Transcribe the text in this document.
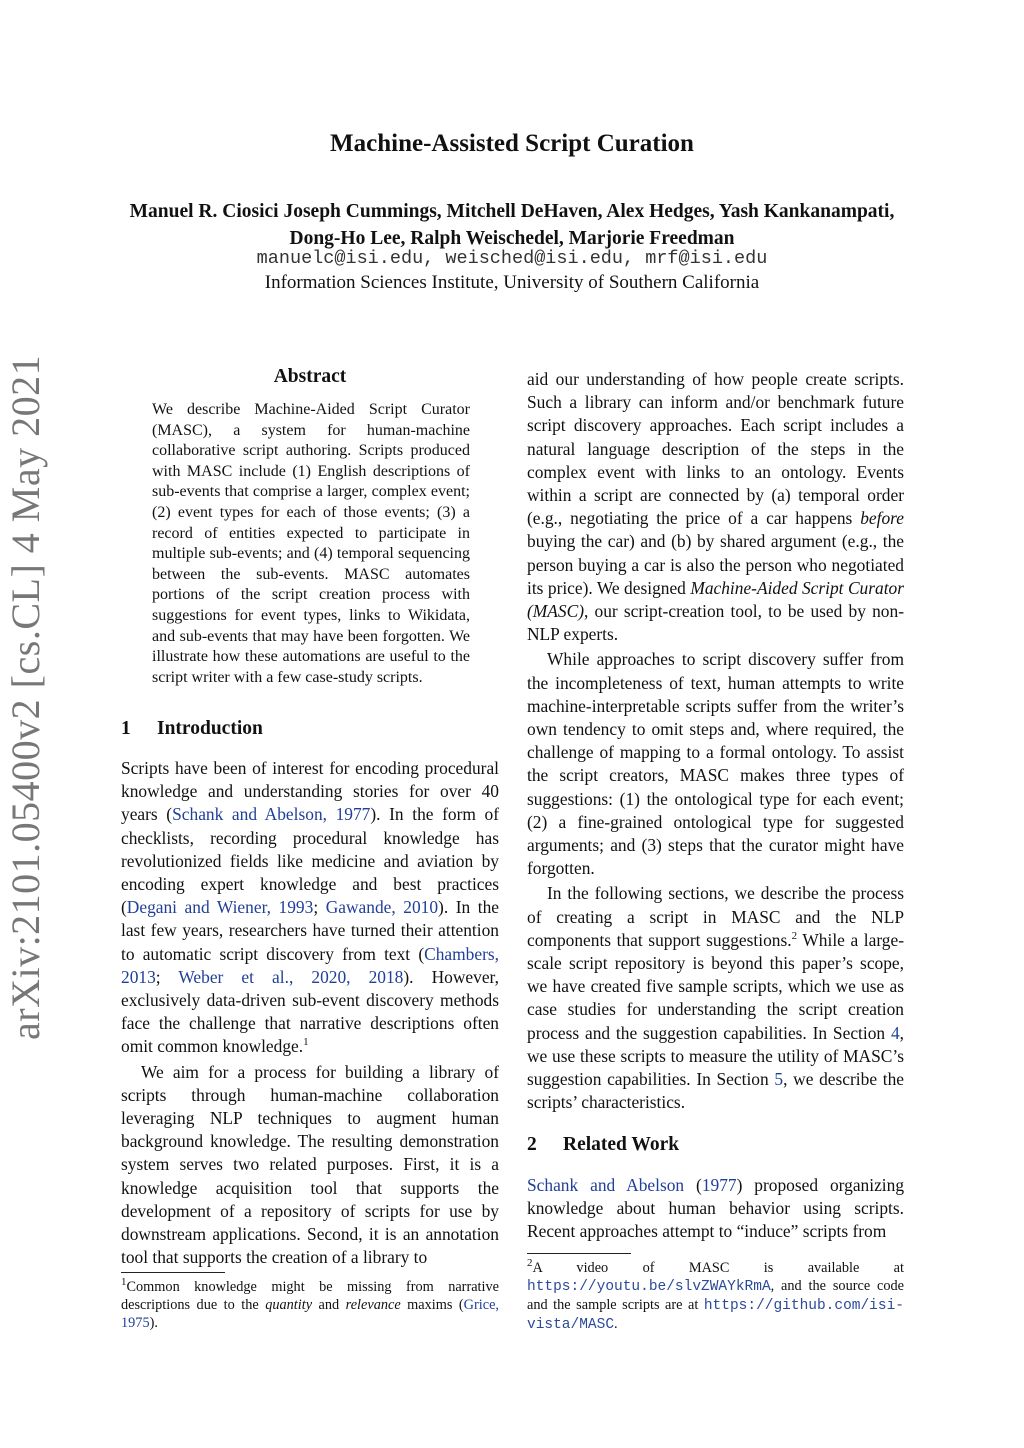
arXiv:2101.05400v2 [cs.CL] 4 May 2021
Machine-Assisted Script Curation
Manuel R. Ciosici Joseph Cummings, Mitchell DeHaven, Alex Hedges, Yash Kankanampati,
Dong-Ho Lee, Ralph Weischedel, Marjorie Freedman
manuelc@isi.edu, weisched@isi.edu, mrf@isi.edu
Information Sciences Institute, University of Southern California
Abstract

We describe Machine-Aided Script Curator (MASC), a system for human-machine collaborative script authoring. Scripts produced with MASC include (1) English descriptions of sub-events that comprise a larger, complex event; (2) event types for each of those events; (3) a record of entities expected to participate in multiple sub-events; and (4) temporal sequencing between the sub-events. MASC automates portions of the script creation process with suggestions for event types, links to Wikidata, and sub-events that may have been forgotten. We illustrate how these automations are useful to the script writer with a few case-study scripts.

1 Introduction

Scripts have been of interest for encoding procedural knowledge and understanding stories for over 40 years (Schank and Abelson, 1977). In the form of checklists, recording procedural knowledge has revolutionized fields like medicine and aviation by encoding expert knowledge and best practices (Degani and Wiener, 1993; Gawande, 2010). In the last few years, researchers have turned their attention to automatic script discovery from text (Chambers, 2013; Weber et al., 2020, 2018). However, exclusively data-driven sub-event discovery methods face the challenge that narrative descriptions often omit common knowledge.$^1$

We aim for a process for building a library of scripts through human-machine collaboration leveraging NLP techniques to augment human background knowledge. The resulting demonstration system serves two related purposes. First, it is a knowledge acquisition tool that supports the development of a repository of scripts for use by downstream applications. Second, it is an annotation tool that supports the creation of a library to

$^1$Common knowledge might be missing from narrative descriptions due to the quantity and relevance maxims (Grice, 1975).

aid our understanding of how people create scripts. Such a library can inform and/or benchmark future script discovery approaches. Each script includes a natural language description of the steps in the complex event with links to an ontology. Events within a script are connected by (a) temporal order (e.g., negotiating the price of a car happens before buying the car) and (b) by shared argument (e.g., the person buying a car is also the person who negotiated its price). We designed Machine-Aided Script Curator (MASC), our script-creation tool, to be used by non-NLP experts.

While approaches to script discovery suffer from the incompleteness of text, human attempts to write machine-interpretable scripts suffer from the writer’s own tendency to omit steps and, where required, the challenge of mapping to a formal ontology. To assist the script creators, MASC makes three types of suggestions: (1) the ontological type for each event; (2) a fine-grained ontological type for suggested arguments; and (3) steps that the curator might have forgotten.

In the following sections, we describe the process of creating a script in MASC and the NLP components that support suggestions.$^2$ While a large-scale script repository is beyond this paper’s scope, we have created five sample scripts, which we use as case studies for understanding the script creation process and the suggestion capabilities. In Section 4, we use these scripts to measure the utility of MASC’s suggestion capabilities. In Section 5, we describe the scripts’ characteristics.

2 Related Work

Schank and Abelson (1977) proposed organizing knowledge about human behavior using scripts. Recent approaches attempt to “induce” scripts from

$^2$A video of MASC is available at https://youtu.be/slvZWAYkRmA, and the source code and the sample scripts are at https://github.com/isi-vista/MASC.
